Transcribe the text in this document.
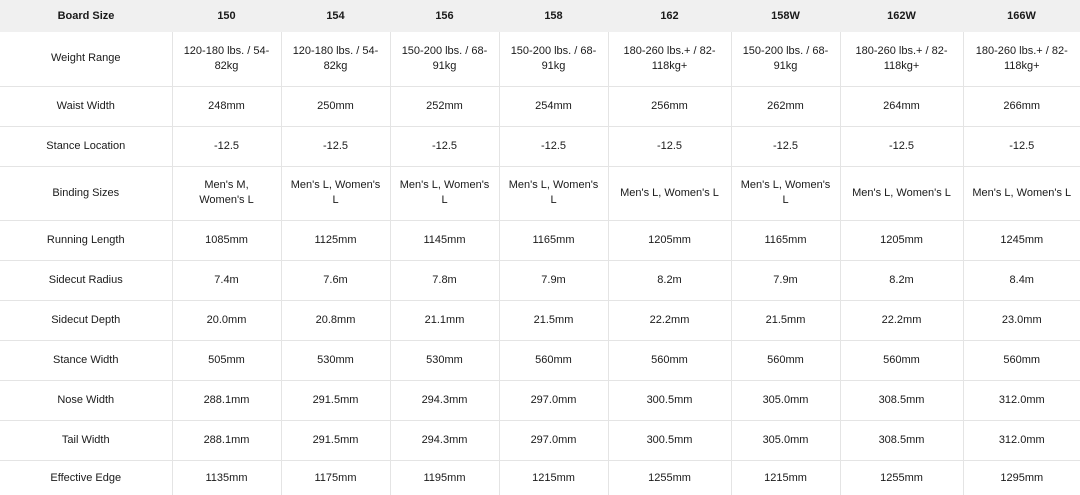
Board Size	150	154	156	158	162	158W	162W	166W
Weight Range	120-180 lbs. / 54-82kg	120-180 lbs. / 54-82kg	150-200 lbs. / 68-91kg	150-200 lbs. / 68-91kg	180-260 lbs.+ / 82-118kg+	150-200 lbs. / 68-91kg	180-260 lbs.+ / 82-118kg+	180-260 lbs.+ / 82-118kg+
Waist Width	248mm	250mm	252mm	254mm	256mm	262mm	264mm	266mm
Stance Location	-12.5	-12.5	-12.5	-12.5	-12.5	-12.5	-12.5	-12.5
Binding Sizes	Men's M, Women's L	Men's L, Women's L	Men's L, Women's L	Men's L, Women's L	Men's L, Women's L	Men's L, Women's L	Men's L, Women's L	Men's L, Women's L
Running Length	1085mm	1125mm	1145mm	1165mm	1205mm	1165mm	1205mm	1245mm
Sidecut Radius	7.4m	7.6m	7.8m	7.9m	8.2m	7.9m	8.2m	8.4m
Sidecut Depth	20.0mm	20.8mm	21.1mm	21.5mm	22.2mm	21.5mm	22.2mm	23.0mm
Stance Width	505mm	530mm	530mm	560mm	560mm	560mm	560mm	560mm
Nose Width	288.1mm	291.5mm	294.3mm	297.0mm	300.5mm	305.0mm	308.5mm	312.0mm
Tail Width	288.1mm	291.5mm	294.3mm	297.0mm	300.5mm	305.0mm	308.5mm	312.0mm
Effective Edge	1135mm	1175mm	1195mm	1215mm	1255mm	1215mm	1255mm	1295mm
